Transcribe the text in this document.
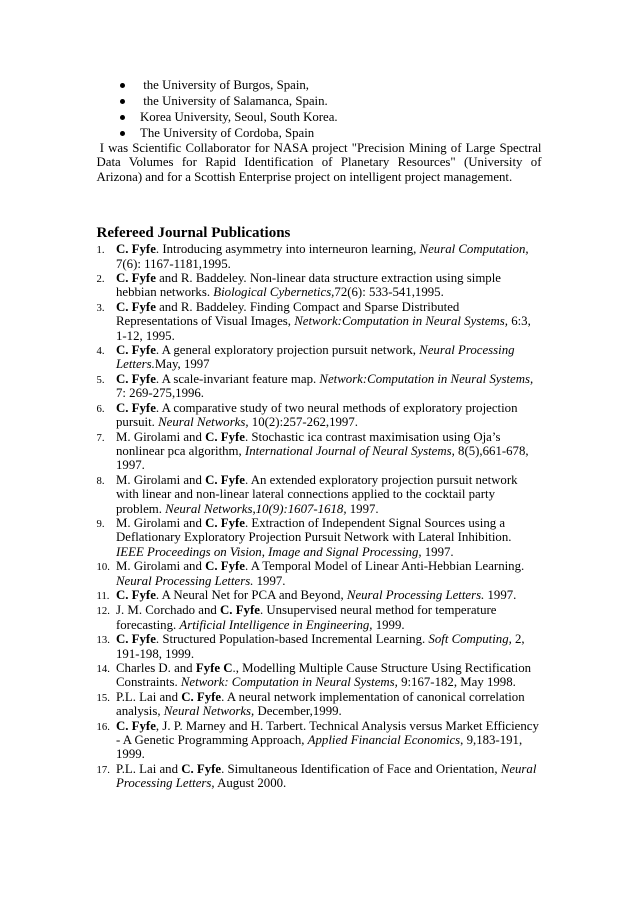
the University of Burgos, Spain,
the University of Salamanca, Spain.
Korea University, Seoul, South Korea.
The University of Cordoba, Spain

I was Scientific Collaborator for NASA project "Precision Mining of Large Spectral Data Volumes for Rapid Identification of Planetary Resources" (University of Arizona) and for a Scottish Enterprise project on intelligent project management.

Refereed Journal Publications
1. C. Fyfe. Introducing asymmetry into interneuron learning, Neural Computation, 7(6): 1167-1181,1995.
2. C. Fyfe and R. Baddeley. Non-linear data structure extraction using simple hebbian networks. Biological Cybernetics,72(6): 533-541,1995.
3. C. Fyfe and R. Baddeley. Finding Compact and Sparse Distributed Representations of Visual Images, Network:Computation in Neural Systems, 6:3, 1-12, 1995.
4. C. Fyfe. A general exploratory projection pursuit network, Neural Processing Letters.May, 1997
5. C. Fyfe. A scale-invariant feature map. Network:Computation in Neural Systems, 7: 269-275,1996.
6. C. Fyfe. A comparative study of two neural methods of exploratory projection pursuit. Neural Networks, 10(2):257-262,1997.
7. M. Girolami and C. Fyfe. Stochastic ica contrast maximisation using Oja’s nonlinear pca algorithm, International Journal of Neural Systems, 8(5),661-678, 1997.
8. M. Girolami and C. Fyfe. An extended exploratory projection pursuit network with linear and non-linear lateral connections applied to the cocktail party problem. Neural Networks,10(9):1607-1618, 1997.
9. M. Girolami and C. Fyfe. Extraction of Independent Signal Sources using a Deflationary Exploratory Projection Pursuit Network with Lateral Inhibition. IEEE Proceedings on Vision, Image and Signal Processing, 1997.
10. M. Girolami and C. Fyfe. A Temporal Model of Linear Anti-Hebbian Learning. Neural Processing Letters. 1997.
11. C. Fyfe. A Neural Net for PCA and Beyond, Neural Processing Letters. 1997.
12. J. M. Corchado and C. Fyfe. Unsupervised neural method for temperature forecasting. Artificial Intelligence in Engineering, 1999.
13. C. Fyfe. Structured Population-based Incremental Learning. Soft Computing, 2, 191-198, 1999.
14. Charles D. and Fyfe C., Modelling Multiple Cause Structure Using Rectification Constraints. Network: Computation in Neural Systems, 9:167-182, May 1998.
15. P.L. Lai and C. Fyfe. A neural network implementation of canonical correlation analysis, Neural Networks, December,1999.
16. C. Fyfe, J. P. Marney and H. Tarbert. Technical Analysis versus Market Efficiency - A Genetic Programming Approach, Applied Financial Economics, 9,183-191, 1999.
17. P.L. Lai and C. Fyfe. Simultaneous Identification of Face and Orientation, Neural Processing Letters, August 2000.
